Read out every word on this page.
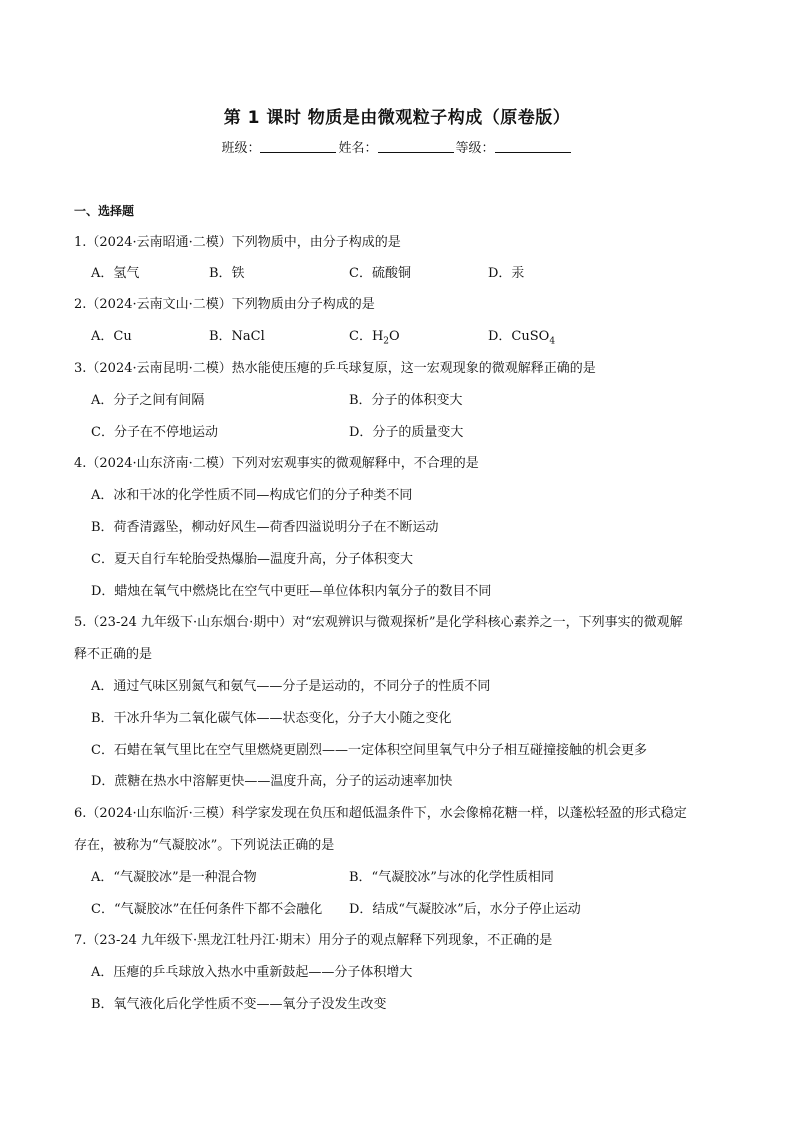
第 1 课时 物质是由微观粒子构成（原卷版）
班级：	姓名：	等级：
一、选择题
1.（2024·云南昭通·二模）下列物质中，由分子构成的是
A．氢气	B．铁	C．硫酸铜	D．汞
2.（2024·云南文山·二模）下列物质由分子构成的是
A．Cu	B．NaCl	C．$H_2O$	D．CuSO$_4$
3.（2024·云南昆明·二模）热水能使压瘪的乒乓球复原，这一宏观现象的微观解释正确的是
A．分子之间有间隔	B．分子的体积变大
C．分子在不停地运动	D．分子的质量变大
4.（2024·山东济南·二模）下列对宏观事实的微观解释中，不合理的是
A．冰和干冰的化学性质不同—构成它们的分子种类不同
B．荷香清露坠，柳动好风生—荷香四溢说明分子在不断运动
C．夏天自行车轮胎受热爆胎—温度升高，分子体积变大
D．蜡烛在氧气中燃烧比在空气中更旺—单位体积内氧分子的数目不同
5.（23-24 九年级下·山东烟台·期中）对“宏观辨识与微观探析”是化学科核心素养之一，下列事实的微观解
释不正确的是
A．通过气味区别氮气和氨气——分子是运动的，不同分子的性质不同
B．干冰升华为二氧化碳气体——状态变化，分子大小随之变化
C．石蜡在氧气里比在空气里燃烧更剧烈——一定体积空间里氧气中分子相互碰撞接触的机会更多
D．蔗糖在热水中溶解更快——温度升高，分子的运动速率加快
6.（2024·山东临沂·三模）科学家发现在负压和超低温条件下，水会像棉花糖一样，以蓬松轻盈的形式稳定
存在，被称为“气凝胶冰”。下列说法正确的是
A．“气凝胶冰”是一种混合物	B．“气凝胶冰”与冰的化学性质相同
C．“气凝胶冰”在任何条件下都不会融化 D．结成“气凝胶冰”后，水分子停止运动
7.（23-24 九年级下·黑龙江牡丹江·期末）用分子的观点解释下列现象，不正确的是
A．压瘪的乒乓球放入热水中重新鼓起——分子体积增大
B．氧气液化后化学性质不变——氧分子没发生改变
